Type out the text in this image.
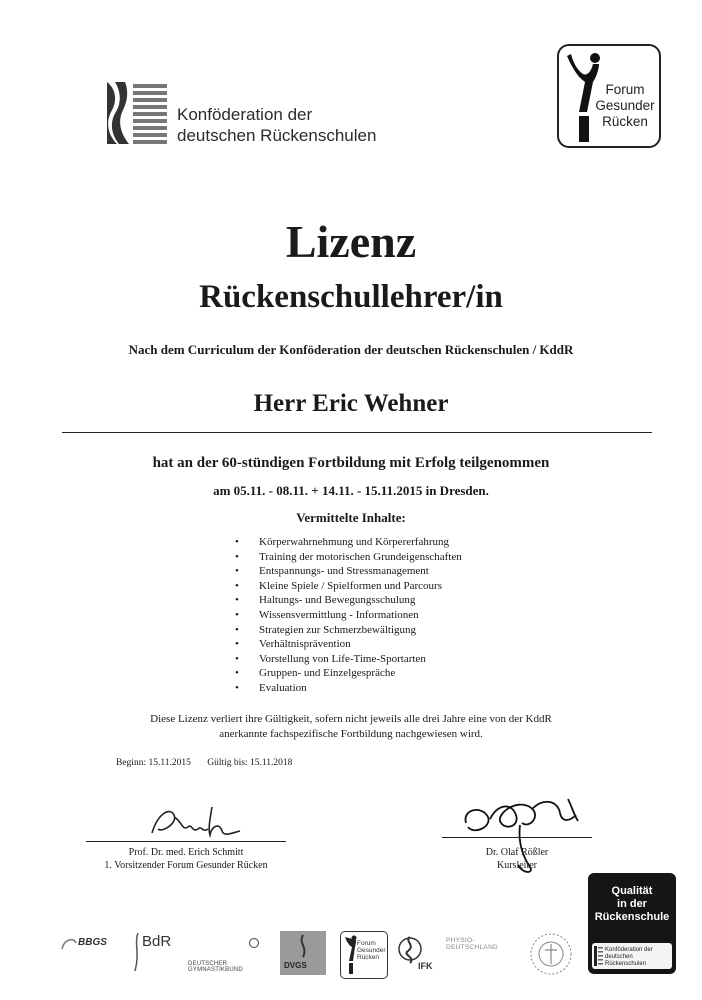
Konföderation der
deutschen Rückenschulen
Forum
Gesunder
Rücken
Lizenz
Rückenschullehrer/in
Nach dem Curriculum der Konföderation der deutschen Rückenschulen / KddR
Herr Eric Wehner
hat an der 60-stündigen Fortbildung mit Erfolg teilgenommen
am 05.11. - 08.11. + 14.11. - 15.11.2015 in Dresden.
Vermittelte Inhalte:
• Körperwahrnehmung und Körpererfahrung
• Training der motorischen Grundeigenschaften
• Entspannungs- und Stressmanagement
• Kleine Spiele / Spielformen und Parcours
• Haltungs- und Bewegungsschulung
• Wissensvermittlung - Informationen
• Strategien zur Schmerzbewältigung
• Verhältnisprävention
• Vorstellung von Life-Time-Sportarten
• Gruppen- und Einzelgespräche
• Evaluation
Diese Lizenz verliert ihre Gültigkeit, sofern nicht jeweils alle drei Jahre eine von der KddR
anerkannte fachspezifische Fortbildung nachgewiesen wird.
Beginn: 15.11.2015 Gültig bis: 15.11.2018
Prof. Dr. med. Erich Schmitt
1. Vorsitzender Forum Gesunder Rücken
Dr. Olaf Rößler
Kursleiter
Qualität
in der
Rückenschule
Konföderation der
deutschen Rückenschulen
BBGS BdR
DEUTSCHER GYMNASTIKBUND	DVGS
Forum
Gesunder
Rücken
IFK
PHYSIO-DEUTSCHLAND
